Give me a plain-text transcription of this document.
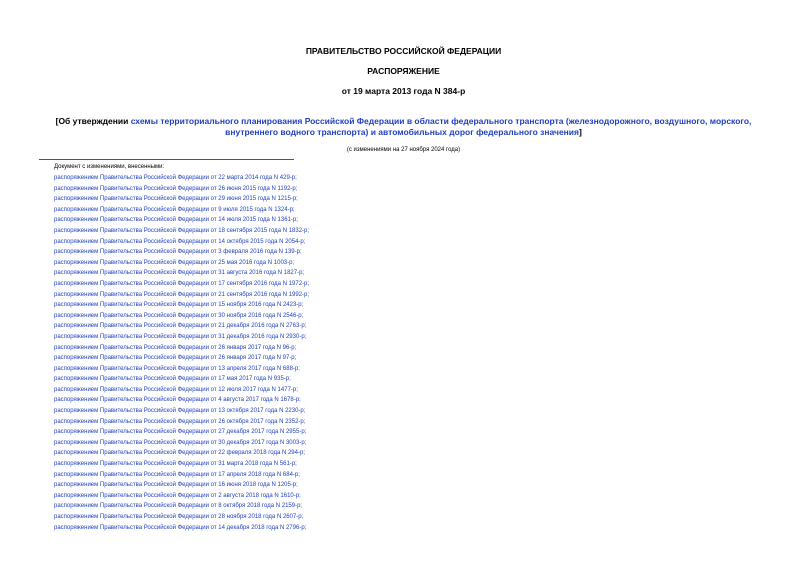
ПРАВИТЕЛЬСТВО РОССИЙСКОЙ ФЕДЕРАЦИИ
РАСПОРЯЖЕНИЕ
от 19 марта 2013 года N 384-р
[Об утверждении схемы территориального планирования Российской Федерации в области федерального транспорта (железнодорожного, воздушного, морского, внутреннего водного транспорта) и автомобильных дорог федерального значения]
(с изменениями на 27 ноября 2024 года)
Документ с изменениями, внесенными:
распоряжением Правительства Российской Федерации от 22 марта 2014 года N 429-р;
распоряжением Правительства Российской Федерации от 26 июня 2015 года N 1192-р;
распоряжением Правительства Российской Федерации от 29 июня 2015 года N 1215-р;
распоряжением Правительства Российской Федерации от 9 июля 2015 года N 1324-р;
распоряжением Правительства Российской Федерации от 14 июля 2015 года N 1361-р;
распоряжением Правительства Российской Федерации от 18 сентября 2015 года N 1832-р;
распоряжением Правительства Российской Федерации от 14 октября 2015 года N 2054-р;
распоряжением Правительства Российской Федерации от 3 февраля 2016 года N 139-р;
распоряжением Правительства Российской Федерации от 25 мая 2016 года N 1003-р;
распоряжением Правительства Российской Федерации от 31 августа 2016 года N 1827-р;
распоряжением Правительства Российской Федерации от 17 сентября 2016 года N 1972-р;
распоряжением Правительства Российской Федерации от 21 сентября 2016 года N 1992-р;
распоряжением Правительства Российской Федерации от 15 ноября 2016 года N 2423-р;
распоряжением Правительства Российской Федерации от 30 ноября 2016 года N 2546-р;
распоряжением Правительства Российской Федерации от 21 декабря 2016 года N 2763-р;
распоряжением Правительства Российской Федерации от 31 декабря 2016 года N 2930-р;
распоряжением Правительства Российской Федерации от 26 января 2017 года N 96-р;
распоряжением Правительства Российской Федерации от 26 января 2017 года N 97-р;
распоряжением Правительства Российской Федерации от 13 апреля 2017 года N 688-р;
распоряжением Правительства Российской Федерации от 17 мая 2017 года N 935-р;
распоряжением Правительства Российской Федерации от 12 июля 2017 года N 1477-р;
распоряжением Правительства Российской Федерации от 4 августа 2017 года N 1678-р;
распоряжением Правительства Российской Федерации от 13 октября 2017 года N 2230-р;
распоряжением Правительства Российской Федерации от 26 октября 2017 года N 2352-р;
распоряжением Правительства Российской Федерации от 27 декабря 2017 года N 2955-р;
распоряжением Правительства Российской Федерации от 30 декабря 2017 года N 3003-р;
распоряжением Правительства Российской Федерации от 22 февраля 2018 года N 294-р;
распоряжением Правительства Российской Федерации от 31 марта 2018 года N 561-р;
распоряжением Правительства Российской Федерации от 17 апреля 2018 года N 684-р;
распоряжением Правительства Российской Федерации от 16 июня 2018 года N 1205-р;
распоряжением Правительства Российской Федерации от 2 августа 2018 года N 1610-р;
распоряжением Правительства Российской Федерации от 8 октября 2018 года N 2159-р;
распоряжением Правительства Российской Федерации от 28 ноября 2018 года N 2607-р;
распоряжением Правительства Российской Федерации от 14 декабря 2018 года N 2796-р;
